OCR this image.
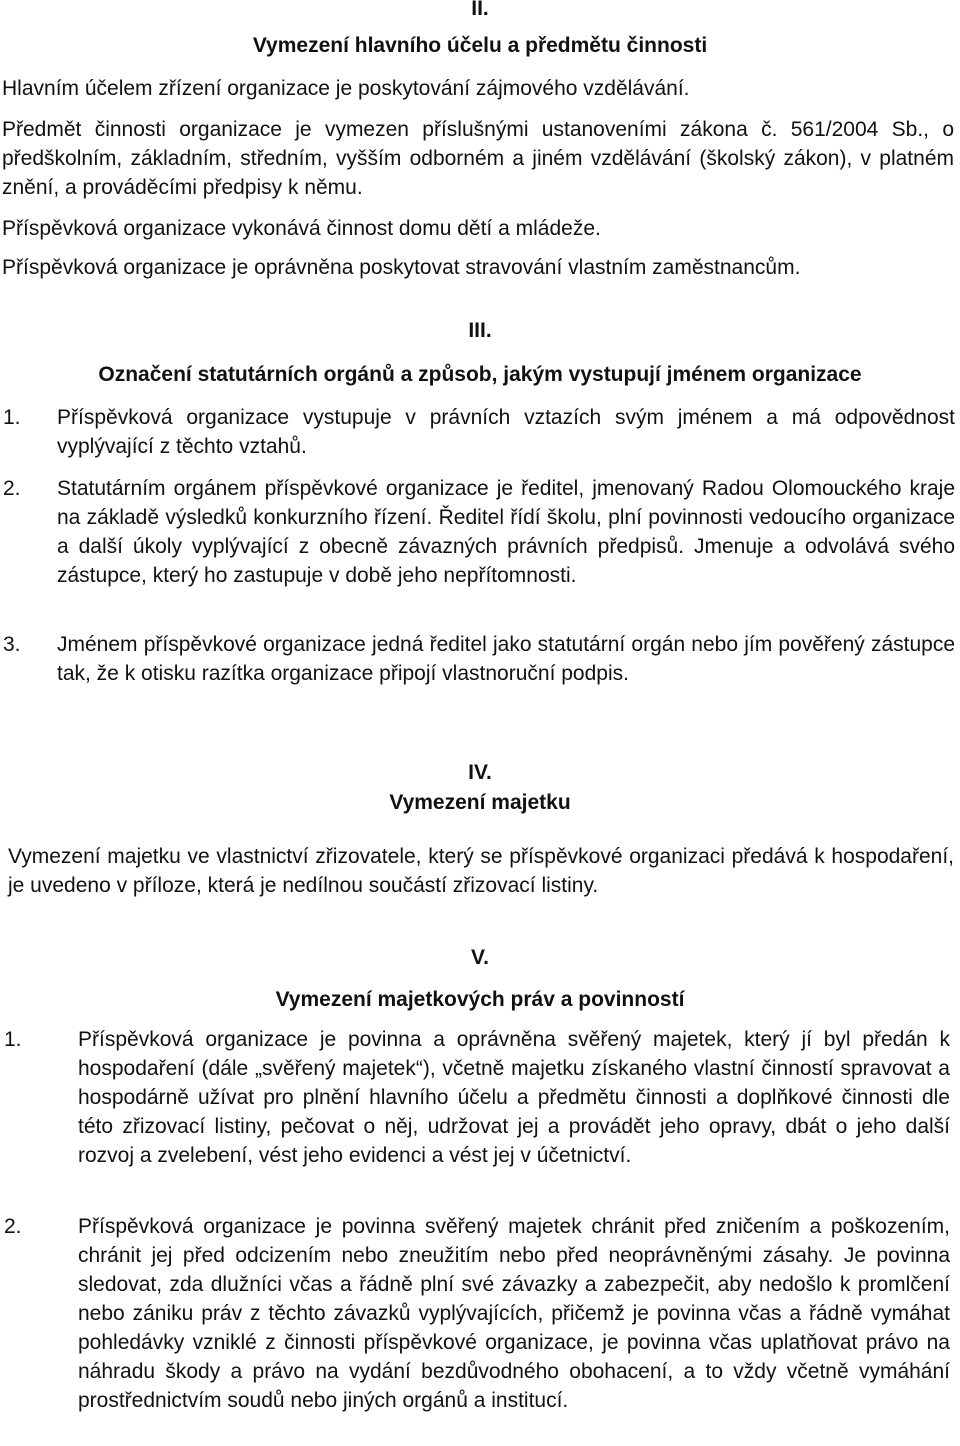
II.
Vymezení hlavního účelu a předmětu činnosti

Hlavním účelem zřízení organizace je poskytování zájmového vzdělávání.

Předmět činnosti organizace je vymezen příslušnými ustanoveními zákona č. 561/2004 Sb., o předškolním, základním, středním, vyšším odborném a jiném vzdělávání (školský zákon), v platném znění, a prováděcími předpisy k němu.

Příspěvková organizace vykonává činnost domu dětí a mládeže.

Příspěvková organizace je oprávněna poskytovat stravování vlastním zaměstnancům.

III.
Označení statutárních orgánů a způsob, jakým vystupují jménem organizace
1.	Příspěvková organizace vystupuje v právních vztazích svým jménem a má odpovědnost vyplývající z těchto vztahů.
2.	Statutárním orgánem příspěvkové organizace je ředitel, jmenovaný Radou Olomouckého kraje na základě výsledků konkurzního řízení. Ředitel řídí školu, plní povinnosti vedoucího organizace a další úkoly vyplývající z obecně závazných právních předpisů. Jmenuje a odvolává svého zástupce, který ho zastupuje v době jeho nepřítomnosti.
3.	Jménem příspěvkové organizace jedná ředitel jako statutární orgán nebo jím pověřený zástupce tak, že k otisku razítka organizace připojí vlastnoruční podpis.
IV.
Vymezení majetku

Vymezení majetku ve vlastnictví zřizovatele, který se příspěvkové organizaci předává k hospodaření, je uvedeno v příloze, která je nedílnou součástí zřizovací listiny.

V.
Vymezení majetkových práv a povinností
1.	Příspěvková organizace je povinna a oprávněna svěřený majetek, který jí byl předán k hospodaření (dále „svěřený majetek“), včetně majetku získaného vlastní činností spravovat a hospodárně užívat pro plnění hlavního účelu a předmětu činnosti a doplňkové činnosti dle této zřizovací listiny, pečovat o něj, udržovat jej a provádět jeho opravy, dbát o jeho další rozvoj a zvelebení, vést jeho evidenci a vést jej v účetnictví.
2.	Příspěvková organizace je povinna svěřený majetek chránit před zničením a poškozením, chránit jej před odcizením nebo zneužitím nebo před neoprávněnými zásahy. Je povinna sledovat, zda dlužníci včas a řádně plní své závazky a zabezpečit, aby nedošlo k promlčení nebo zániku práv z těchto závazků vyplývajících, přičemž je povinna včas a řádně vymáhat pohledávky vzniklé z činnosti příspěvkové organizace, je povinna včas uplatňovat právo na náhradu škody a právo na vydání bezdůvodného obohacení, a to vždy včetně vymáhání prostřednictvím soudů nebo jiných orgánů a institucí.
